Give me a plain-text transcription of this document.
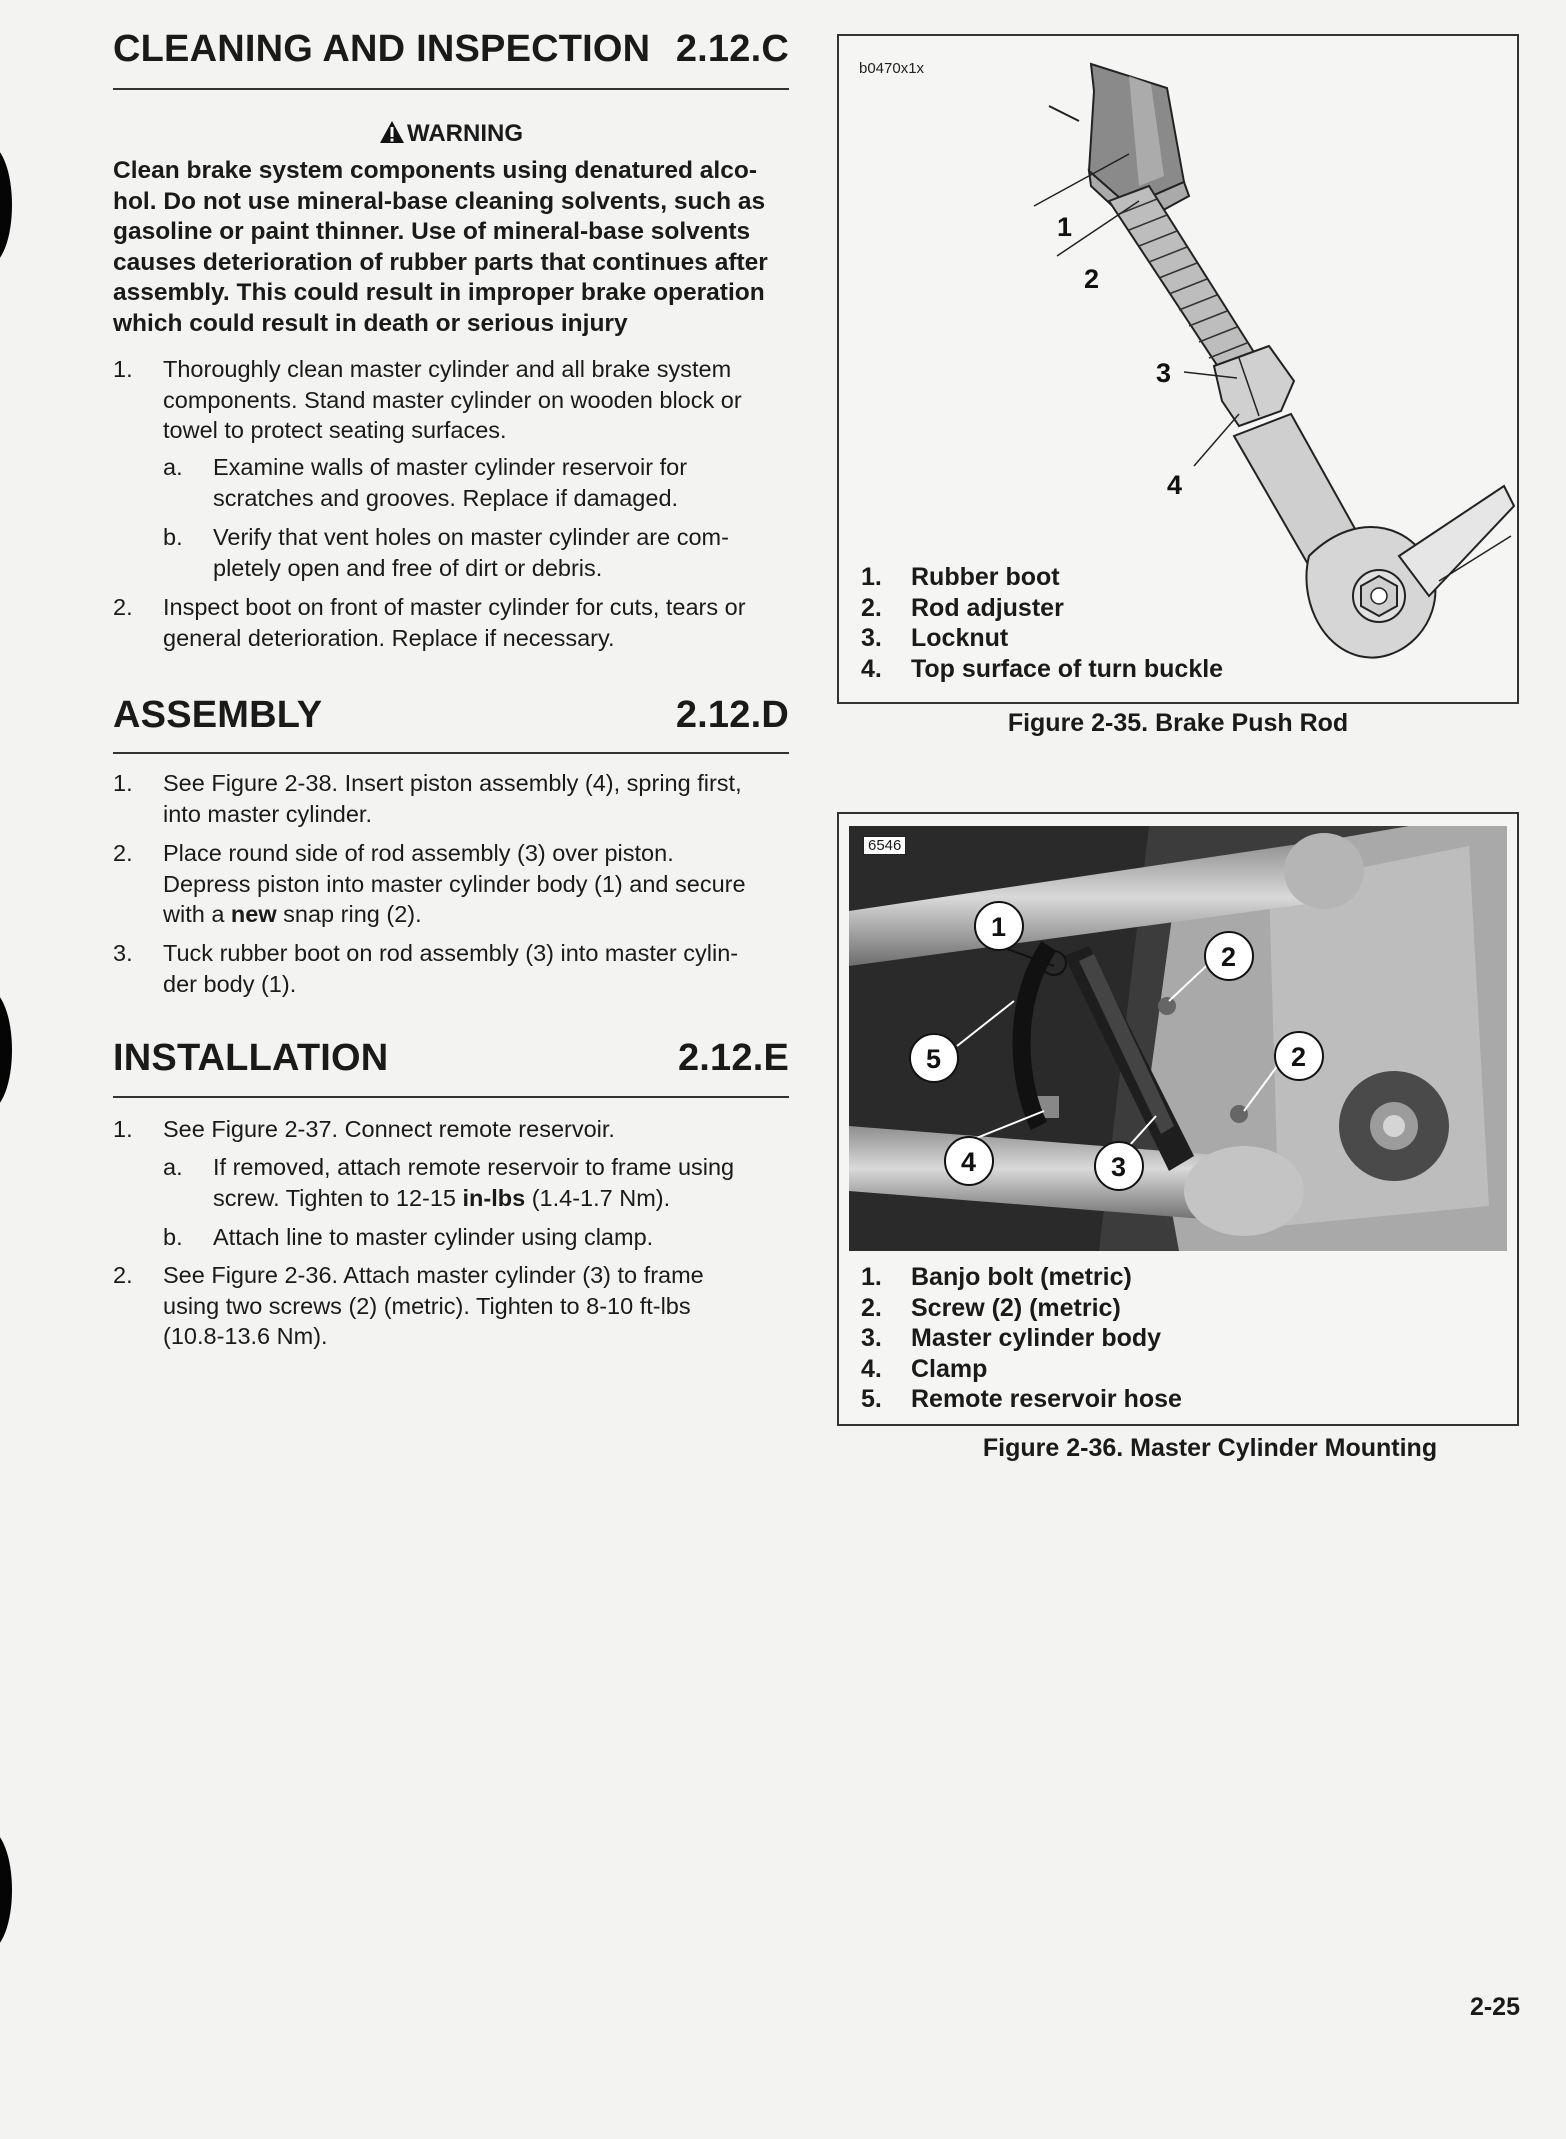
CLEANING AND INSPECTION 2.12.C
WARNING
Clean brake system components using denatured alco-
hol. Do not use mineral-base cleaning solvents, such as
gasoline or paint thinner. Use of mineral-base solvents
causes deterioration of rubber parts that continues after
assembly. This could result in improper brake operation
which could result in death or serious injury
1. Thoroughly clean master cylinder and all brake system
components. Stand master cylinder on wooden block or
towel to protect seating surfaces.
a. Examine walls of master cylinder reservoir for
scratches and grooves. Replace if damaged.
b. Verify that vent holes on master cylinder are com-
pletely open and free of dirt or debris.
2. Inspect boot on front of master cylinder for cuts, tears or
general deterioration. Replace if necessary.
ASSEMBLY	2.12.D
1. See Figure 2-38. Insert piston assembly (4), spring first,
into master cylinder.
2. Place round side of rod assembly (3) over piston.
Depress piston into master cylinder body (1) and secure
with a new snap ring (2).
3. Tuck rubber boot on rod assembly (3) into master cylin-
der body (1).
INSTALLATION	2.12.E
1. See Figure 2-37. Connect remote reservoir.
a. If removed, attach remote reservoir to frame using
screw. Tighten to 12-15 in-lbs (1.4-1.7 Nm).
b. Attach line to master cylinder using clamp.
2. See Figure 2-36. Attach master cylinder (3) to frame
using two screws (2) (metric). Tighten to 8-10 ft-lbs
(10.8-13.6 Nm).
b0470x1x
1
2
3
4
1. Rubber boot
2. Rod adjuster
3. Locknut
4. Top surface of turn buckle
Figure 2-35. Brake Push Rod
1
2
2
3
4
5
6546
1. Banjo bolt (metric)
2. Screw (2) (metric)
3. Master cylinder body
4. Clamp
5. Remote reservoir hose
Figure 2-36. Master Cylinder Mounting
2-25
